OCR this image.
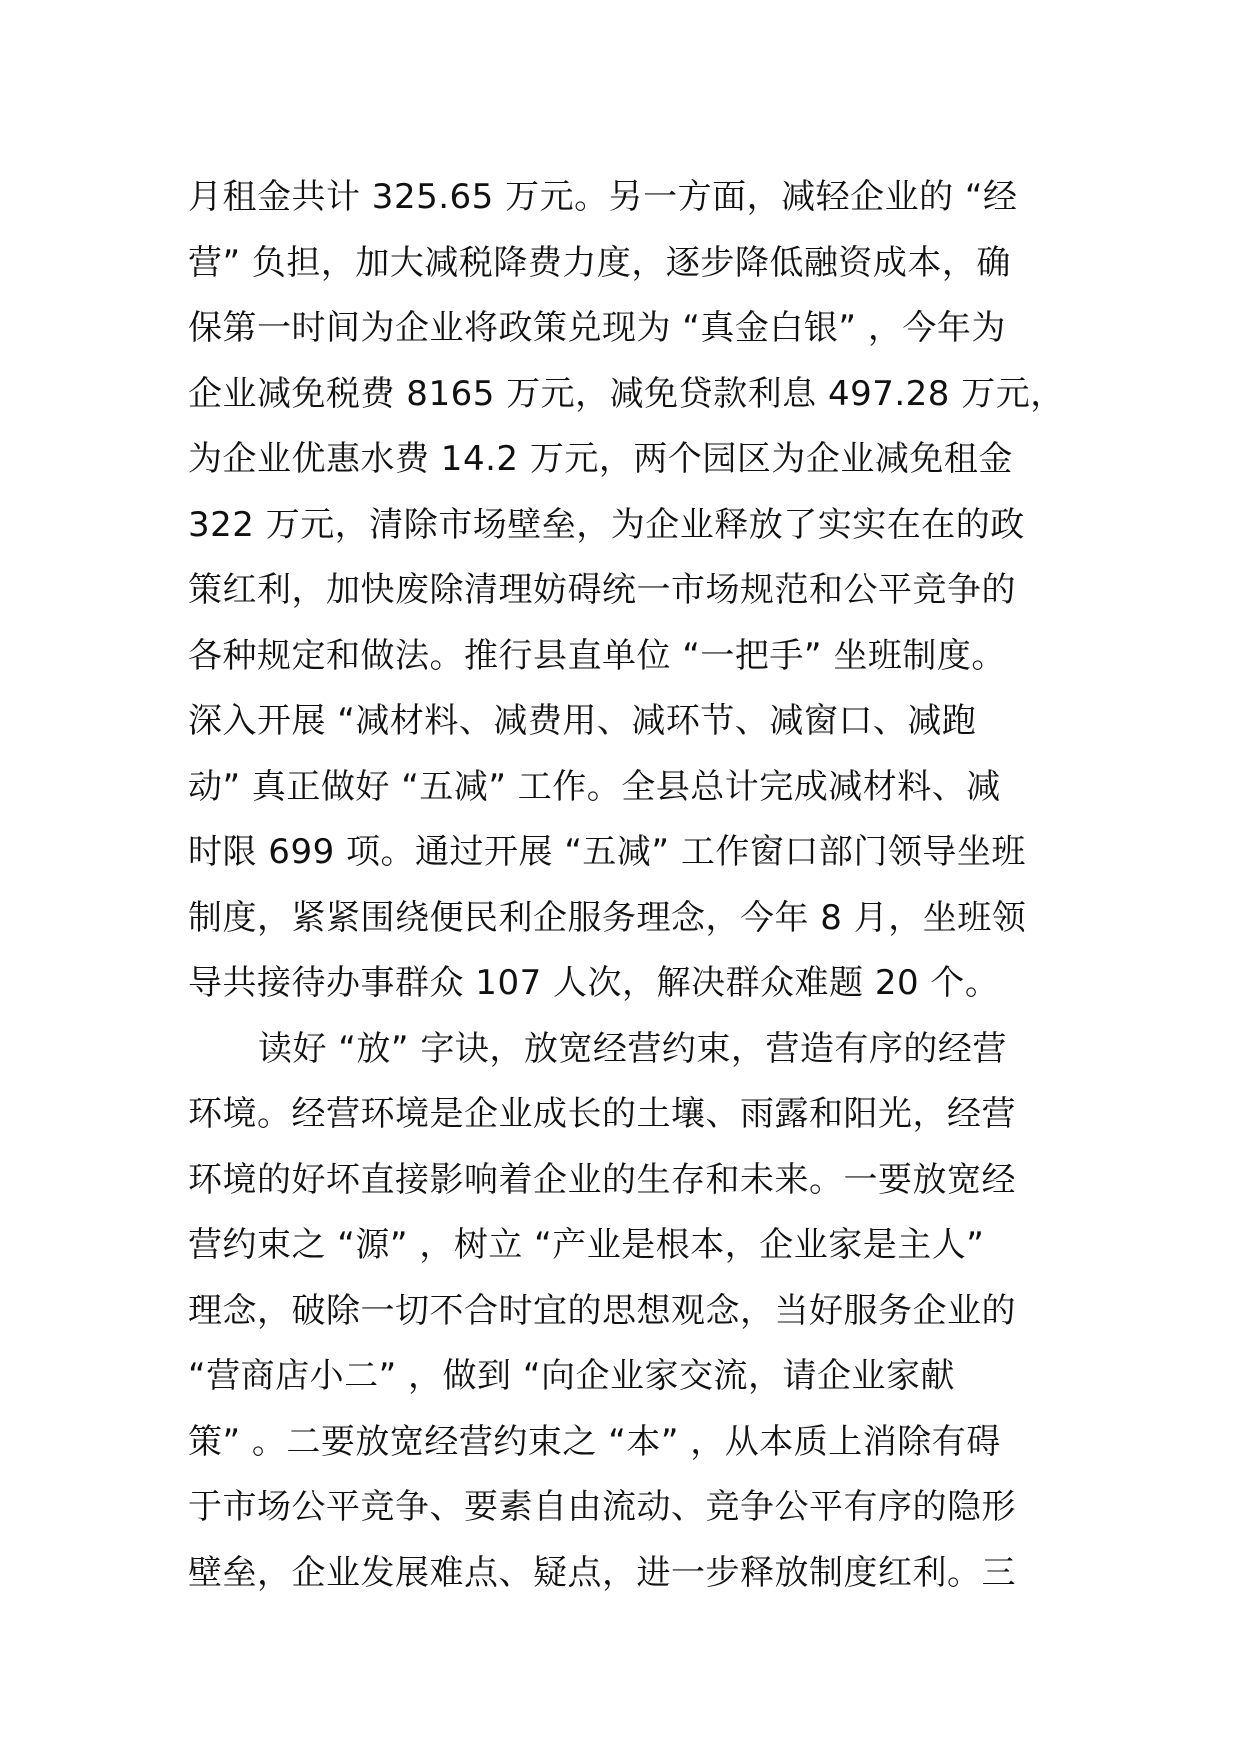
月租金共计 325.65 万元。另一方面，减轻企业的 “经
营” 负担，加大减税降费力度，逐步降低融资成本，确
保第一时间为企业将政策兑现为 “真金白银” ，今年为
企业减免税费 8165 万元，减免贷款利息 497.28 万元，
为企业优惠水费 14.2 万元，两个园区为企业减免租金
322 万元，清除市场壁垒，为企业释放了实实在在的政
策红利，加快废除清理妨碍统一市场规范和公平竞争的
各种规定和做法。推行县直单位 “一把手” 坐班制度。
深入开展 “减材料、减费用、减环节、减窗口、减跑
动” 真正做好 “五减” 工作。全县总计完成减材料、减
时限 699 项。通过开展 “五减” 工作窗口部门领导坐班
制度，紧紧围绕便民利企服务理念，今年 8 月，坐班领
导共接待办事群众 107 人次，解决群众难题 20 个。
读好 “放” 字诀，放宽经营约束，营造有序的经营
环境。经营环境是企业成长的土壤、雨露和阳光，经营
环境的好坏直接影响着企业的生存和未来。一要放宽经
营约束之 “源” ，树立 “产业是根本，企业家是主人”
理念，破除一切不合时宜的思想观念，当好服务企业的
“营商店小二” ，做到 “向企业家交流，请企业家献
策” 。二要放宽经营约束之 “本” ，从本质上消除有碍
于市场公平竞争、要素自由流动、竞争公平有序的隐形
壁垒，企业发展难点、疑点，进一步释放制度红利。三
